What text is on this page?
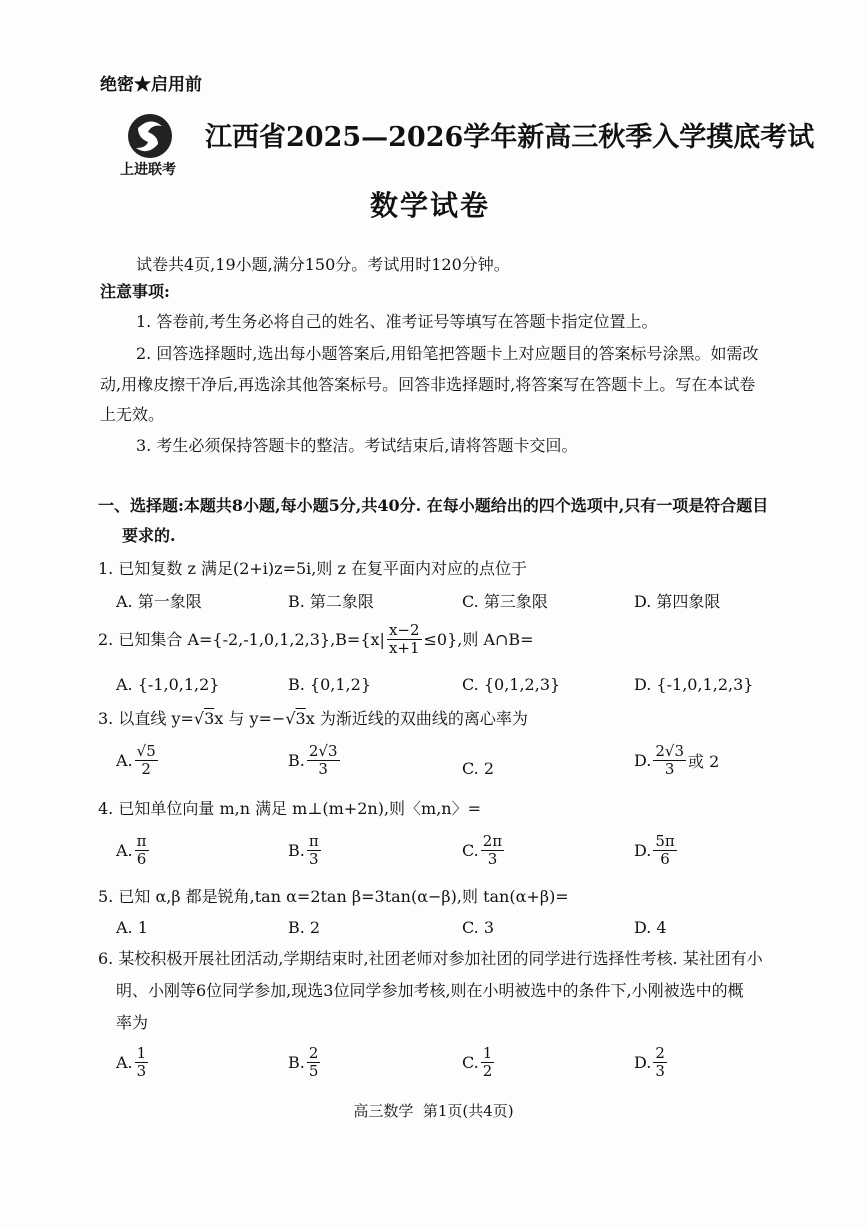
绝密★启用前
上进联考
江西省2025—2026学年新高三秋季入学摸底考试
数学试卷
试卷共4页,19小题,满分150分。考试用时120分钟。
注意事项:
1. 答卷前,考生务必将自己的姓名、准考证号等填写在答题卡指定位置上。
2. 回答选择题时,选出每小题答案后,用铅笔把答题卡上对应题目的答案标号涂黑。如需改
动,用橡皮擦干净后,再选涂其他答案标号。回答非选择题时,将答案写在答题卡上。写在本试卷
上无效。
3. 考生必须保持答题卡的整洁。考试结束后,请将答题卡交回。
一、选择题:本题共8小题,每小题5分,共40分. 在每小题给出的四个选项中,只有一项是符合题目
要求的.
1. 已知复数 z 满足(2+i)z=5i,则 z 在复平面内对应的点位于
A. 第一象限	B. 第二象限	C. 第三象限	D. 第四象限
2. 已知集合 $A=\{-2,-1,0,1,2,3\},B=\{x| \frac{x-2}{x+1} \le 0\}$,则 A∩B=
A. {-1,0,1,2}	B. {0,1,2}	C. {0,1,2,3}	D. {-1,0,1,2,3}
3. 以直线 y=√3x 与 y=−√3x 为渐近线的双曲线的离心率为
A. $\frac{√5}{2}$	B. $\frac{2√3}{3}$	C. 2	D. $\frac{2√3}{3}$ 或 2
4. 已知单位向量 m,n 满足 m⊥(m+2n),则〈m,n〉=
A. $\frac{\pi}{6}$	B. $\frac{\pi}{3}$	C. $\frac{2\pi}{3}$	D. $\frac{5\pi}{6}$
5. 已知 α,β 都是锐角,tan α=2tan β=3tan(α−β),则 tan(α+β)=
A. 1	B. 2	C. 3	D. 4
6. 某校积极开展社团活动,学期结束时,社团老师对参加社团的同学进行选择性考核. 某社团有小
明、小刚等6位同学参加,现选3位同学参加考核,则在小明被选中的条件下,小刚被选中的概
率为
A. $\frac{1}{3}$	B. $\frac{2}{5}$	C. $\frac{1}{2}$	D. $\frac{2}{3}$
高三数学  第1页(共4页)
